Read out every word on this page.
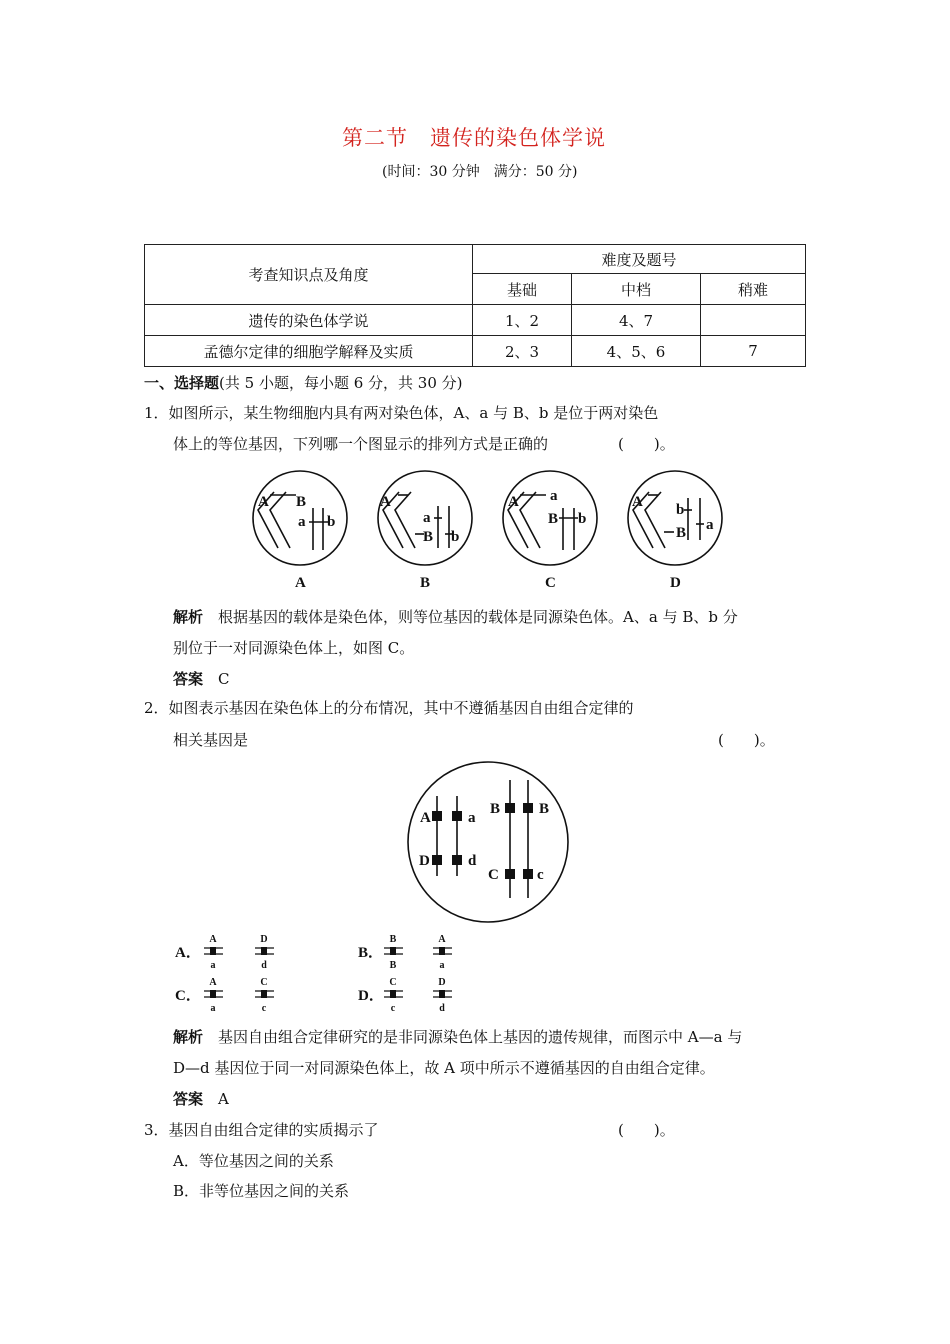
第二节　遗传的染色体学说
(时间：30 分钟　满分：50 分)
考查知识点及角度	难度及题号		
	基础	中档	稍难
遗传的染色体学说	1、2	4、7	
孟德尔定律的细胞学解释及实质	2、3	4、5、6	7
一、选择题(共 5 小题，每小题 6 分，共 30 分)
1．如图所示，某生物细胞内具有两对染色体，A、a 与 B、b 是位于两对染色
体上的等位基因，下列哪一个图显示的排列方式是正确的	(　　)。
A B
a b
A
a
B b
A a
B b
A b
B a
A	B	C	D
解析　 根据基因的载体是染色体，则等位基因的载体是同源染色体。A、a 与 B、b 分
别位于一对同源染色体上，如图 C。
答案　 C
2．如图表示基因在染色体上的分布情况，其中不遵循基因自由组合定律的
相关基因是	(　　)。
A a
D	d
B	B
C	c
A．	B．
C．	D．
A
a
D
d
B
B
A
a
A
a
C
c
C
c
D
d
解析　 基因自由组合定律研究的是非同源染色体上基因的遗传规律，而图示中 A—a 与
D—d 基因位于同一对同源染色体上，故 A 项中所示不遵循基因的自由组合定律。
答案　 A
3．基因自由组合定律的实质揭示了	(　　)。
A．等位基因之间的关系
B．非等位基因之间的关系
